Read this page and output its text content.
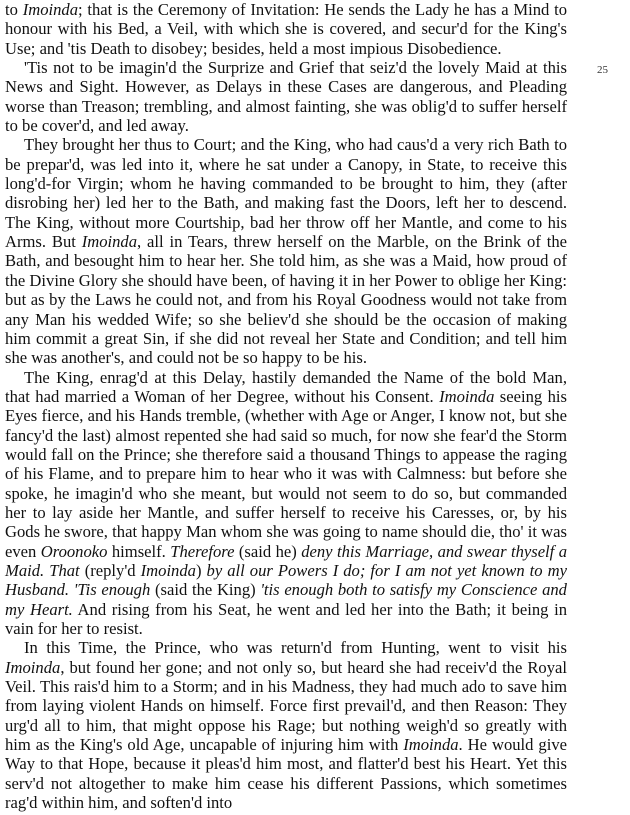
25

to Imoinda; that is the Ceremony of Invitation: He sends the Lady he has a Mind to honour with his Bed, a Veil, with which she is covered, and secur'd for the King's Use; and 'tis Death to disobey; besides, held a most impious Disobedience.

'Tis not to be imagin'd the Surprize and Grief that seiz'd the lovely Maid at this News and Sight. However, as Delays in these Cases are dangerous, and Pleading worse than Treason; trembling, and almost fainting, she was oblig'd to suffer herself to be cover'd, and led away.

They brought her thus to Court; and the King, who had caus'd a very rich Bath to be prepar'd, was led into it, where he sat under a Canopy, in State, to receive this long'd-for Virgin; whom he having commanded to be brought to him, they (after disrobing her) led her to the Bath, and making fast the Doors, left her to descend. The King, without more Courtship, bad her throw off her Mantle, and come to his Arms. But Imoinda, all in Tears, threw herself on the Marble, on the Brink of the Bath, and besought him to hear her. She told him, as she was a Maid, how proud of the Divine Glory she should have been, of having it in her Power to oblige her King: but as by the Laws he could not, and from his Royal Goodness would not take from any Man his wedded Wife; so she believ'd she should be the occasion of making him commit a great Sin, if she did not reveal her State and Condition; and tell him she was another's, and could not be so happy to be his.

The King, enrag'd at this Delay, hastily demanded the Name of the bold Man, that had married a Woman of her Degree, without his Consent. Imoinda seeing his Eyes fierce, and his Hands tremble, (whether with Age or Anger, I know not, but she fancy'd the last) almost repented she had said so much, for now she fear'd the Storm would fall on the Prince; she therefore said a thousand Things to appease the raging of his Flame, and to prepare him to hear who it was with Calmness: but before she spoke, he imagin'd who she meant, but would not seem to do so, but commanded her to lay aside her Mantle, and suffer herself to receive his Caresses, or, by his Gods he swore, that happy Man whom she was going to name should die, tho' it was even Oroonoko himself. Therefore (said he) deny this Marriage, and swear thyself a Maid. That (reply'd Imoinda) by all our Powers I do; for I am not yet known to my Husband. 'Tis enough (said the King) 'tis enough both to satisfy my Conscience and my Heart. And rising from his Seat, he went and led her into the Bath; it being in vain for her to resist.

In this Time, the Prince, who was return'd from Hunting, went to visit his Imoinda, but found her gone; and not only so, but heard she had receiv'd the Royal Veil. This rais'd him to a Storm; and in his Madness, they had much ado to save him from laying violent Hands on himself. Force first prevail'd, and then Reason: They urg'd all to him, that might oppose his Rage; but nothing weigh'd so greatly with him as the King's old Age, uncapable of injuring him with Imoinda. He would give Way to that Hope, because it pleas'd him most, and flatter'd best his Heart. Yet this serv'd not altogether to make him cease his different Passions, which sometimes rag'd within him, and soften'd into
